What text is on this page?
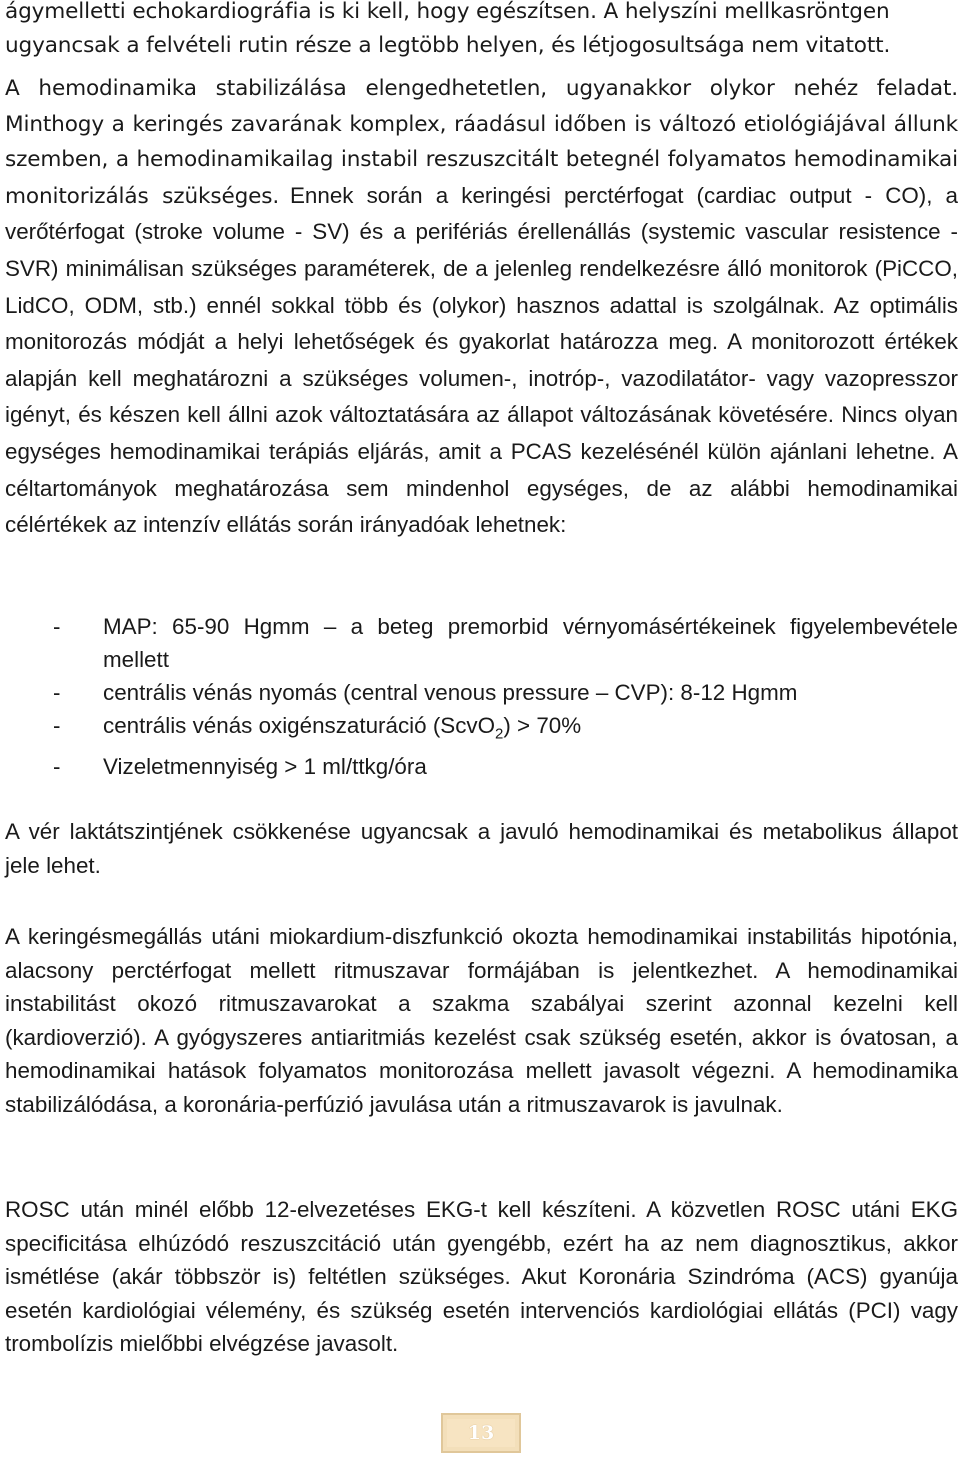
ágymelletti echokardiográfia is ki kell, hogy egészítsen. A helyszíni mellkasröntgen
ugyancsak a felvételi rutin része a legtöbb helyen, és létjogosultsága nem vitatott.

A hemodinamika stabilizálása elengedhetetlen, ugyanakkor olykor nehéz feladat. Minthogy a keringés zavarának komplex, ráadásul időben is változó etiológiájával állunk szemben, a hemodinamikailag instabil reszuszcitált betegnél folyamatos hemodinamikai monitorizálás szükséges. Ennek során a keringési perctérfogat (cardiac output - CO), a verőtérfogat (stroke volume - SV) és a perifériás érellenállás (systemic vascular resistence - SVR) minimálisan szükséges paraméterek, de a jelenleg rendelkezésre álló monitorok (PiCCO, LidCO, ODM, stb.) ennél sokkal több és (olykor) hasznos adattal is szolgálnak. Az optimális monitorozás módját a helyi lehetőségek és gyakorlat határozza meg. A monitorozott értékek alapján kell meghatározni a szükséges volumen-, inotróp-, vazodilatátor- vagy vazopresszor igényt, és készen kell állni azok változtatására az állapot változásának követésére. Nincs olyan egységes hemodinamikai terápiás eljárás, amit a PCAS kezelésénél külön ajánlani lehetne. A céltartományok meghatározása sem mindenhol egységes, de az alábbi hemodinamikai célértékek az intenzív ellátás során irányadóak lehetnek:

- MAP: 65-90 Hgmm – a beteg premorbid vérnyomásértékeinek figyelembevétele mellett
- centrális vénás nyomás (central venous pressure – CVP): 8-12 Hgmm
- centrális vénás oxigénszaturáció (ScvO$_2$) > 70%
- Vizeletmennyiség > 1 ml/ttkg/óra

A vér laktátszintjének csökkenése ugyancsak a javuló hemodinamikai és metabolikus állapot jele lehet.

A keringésmegállás utáni miokardium-diszfunkció okozta hemodinamikai instabilitás hipotónia, alacsony perctérfogat mellett ritmuszavar formájában is jelentkezhet. A hemodinamikai instabilitást okozó ritmuszavarokat a szakma szabályai szerint azonnal kezelni kell (kardioverzió). A gyógyszeres antiaritmiás kezelést csak szükség esetén, akkor is óvatosan, a hemodinamikai hatások folyamatos monitorozása mellett javasolt végezni. A hemodinamika stabilizálódása, a koronária-perfúzió javulása után a ritmuszavarok is javulnak.

ROSC után minél előbb 12-elvezetéses EKG-t kell készíteni. A közvetlen ROSC utáni EKG specificitása elhúzódó reszuszcitáció után gyengébb, ezért ha az nem diagnosztikus, akkor ismétlése (akár többször is) feltétlen szükséges. Akut Koronária Szindróma (ACS) gyanúja esetén kardiológiai vélemény, és szükség esetén intervenciós kardiológiai ellátás (PCI) vagy trombolízis mielőbbi elvégzése javasolt.

13
